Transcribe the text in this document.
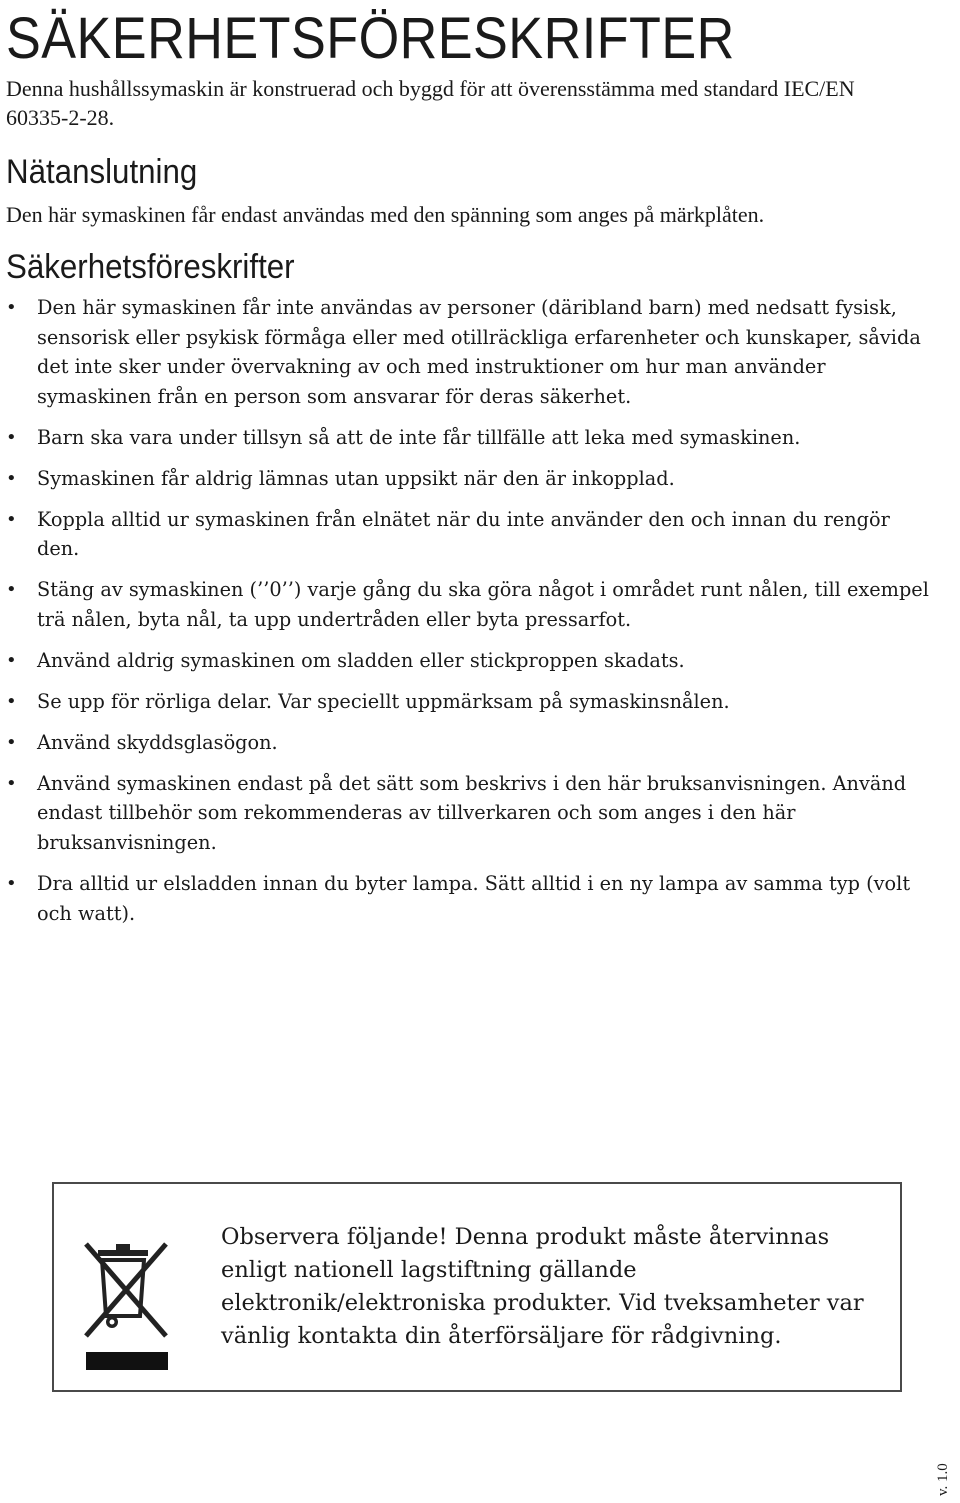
SÄKERHETSFÖRESKRIFTER

Denna hushållssymaskin är konstruerad och byggd för att överensstämma med standard IEC/EN 60335-2-28.

Nätanslutning

Den här symaskinen får endast användas med den spänning som anges på märkplåten.

Säkerhetsföreskrifter
•	Den här symaskinen får inte användas av personer (däribland barn) med nedsatt fysisk, sensorisk eller psykisk förmåga eller med otillräckliga erfarenheter och kunskaper, såvida det inte sker under övervakning av och med instruktioner om hur man använder symaskinen från en person som ansvarar för deras säkerhet.
•	Barn ska vara under tillsyn så att de inte får tillfälle att leka med symaskinen.
•	Symaskinen får aldrig lämnas utan uppsikt när den är inkopplad.
•	Koppla alltid ur symaskinen från elnätet när du inte använder den och innan du rengör den.
•	Stäng av symaskinen (’’0’’) varje gång du ska göra något i området runt nålen, till exempel trä nålen, byta nål, ta upp undertråden eller byta pressarfot.
•	Använd aldrig symaskinen om sladden eller stickproppen skadats.
•	Se upp för rörliga delar. Var speciellt uppmärksam på symaskinsnålen.
•	Använd skyddsglasögon.
•	Använd symaskinen endast på det sätt som beskrivs i den här bruksanvisningen. Använd endast tillbehör som rekommenderas av tillverkaren och som anges i den här bruksanvisningen.
•	Dra alltid ur elsladden innan du byter lampa. Sätt alltid i en ny lampa av samma typ (volt och watt).

Observera följande! Denna produkt måste återvinnas enligt nationell lagstiftning gällande elektronik/elektroniska produkter. Vid tveksamheter var vänlig kontakta din återförsäljare för rådgivning.

v. 1.0
